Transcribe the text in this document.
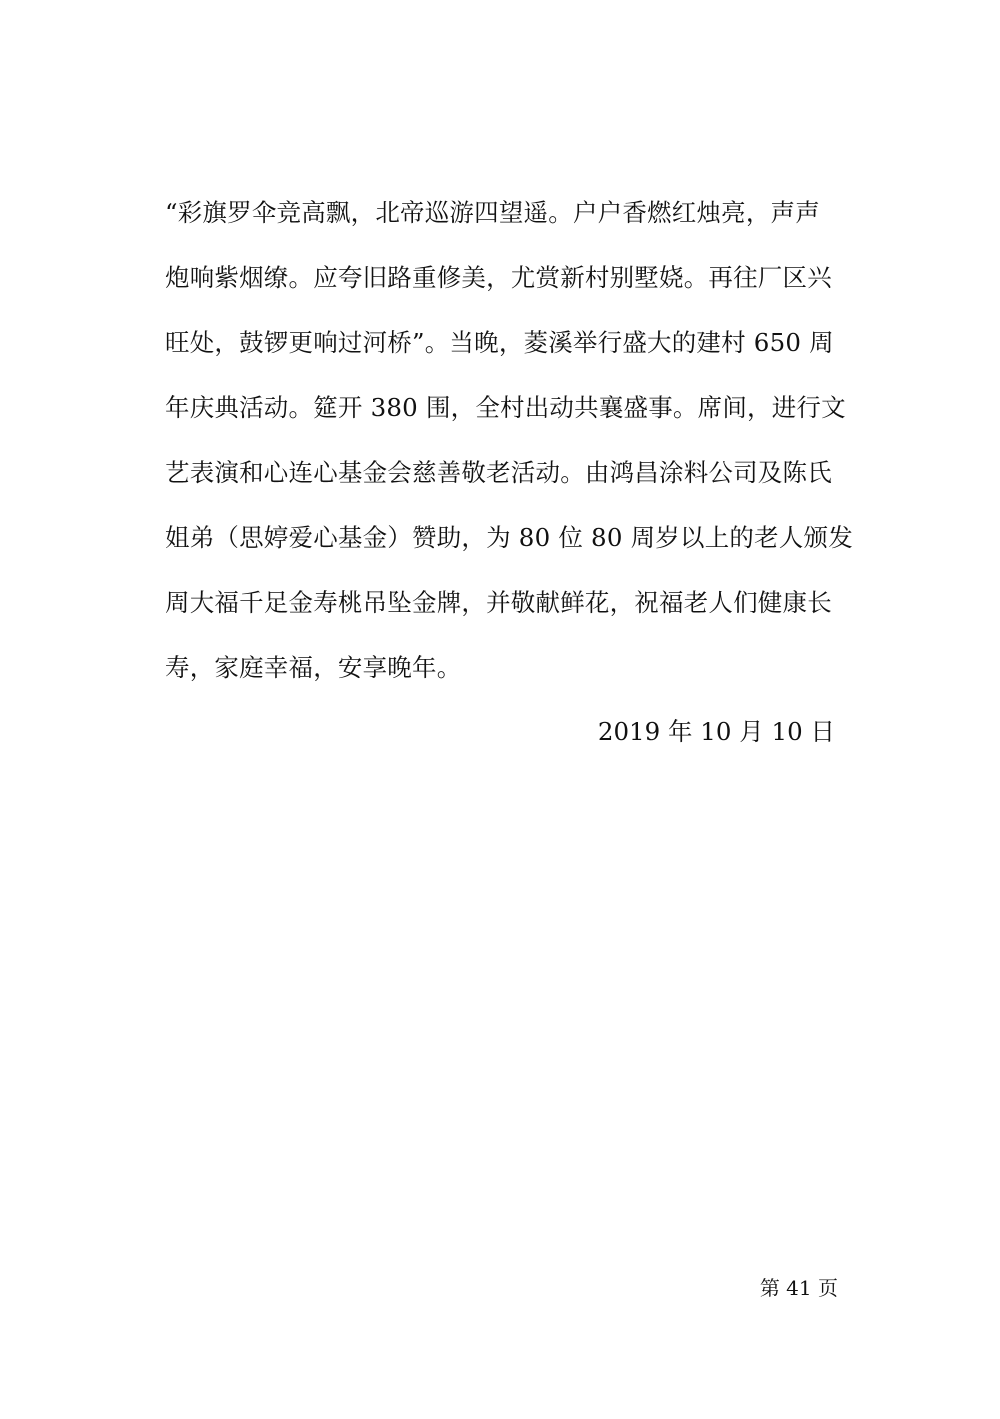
“彩旗罗伞竞高飘，北帝巡游四望遥。户户香燃红烛亮，声声
炮响紫烟缭。应夸旧路重修美，尤赏新村别墅娆。再往厂区兴
旺处，鼓锣更响过河桥”。当晚，菱溪举行盛大的建村 650 周
年庆典活动。筵开 380 围，全村出动共襄盛事。席间，进行文
艺表演和心连心基金会慈善敬老活动。由鸿昌涂料公司及陈氏
姐弟（思婷爱心基金）赞助，为 80 位 80 周岁以上的老人颁发
周大福千足金寿桃吊坠金牌，并敬献鲜花，祝福老人们健康长
寿，家庭幸福，安享晚年。
2019 年 10 月 10 日
第 41 页
